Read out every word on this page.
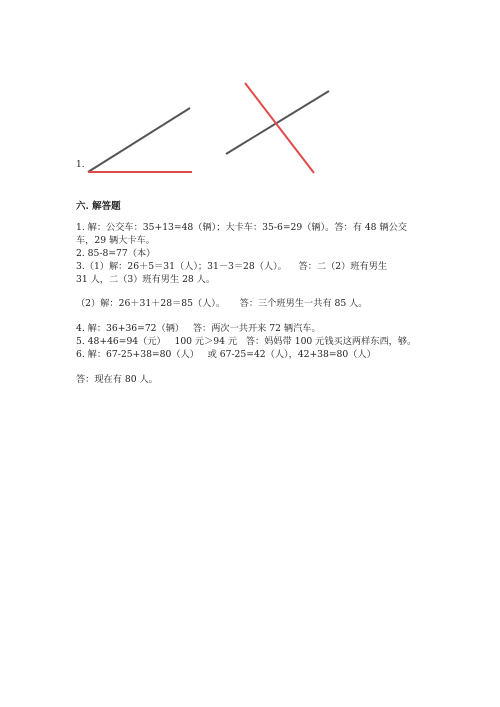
1.
六. 解答题
1. 解：公交车：35+13=48（辆）；大卡车：35-6=29（辆）。答：有 48 辆公交
车，29 辆大卡车。
2. 85-8=77（本）
3.（1）解：26＋5＝31（人）；31－3＝28（人）。    答：二（2）班有男生
31 人，二（3）班有男生 28 人。
（2）解：26＋31＋28＝85（人）。     答：三个班男生一共有 85 人。
4. 解：36+36=72（辆）   答：两次一共开来 72 辆汽车。
5. 48+46=94（元）   100 元＞94 元   答：妈妈带 100 元钱买这两样东西，够。
6. 解：67-25+38=80（人）   或 67-25=42（人），42+38=80（人）
答：现在有 80 人。
